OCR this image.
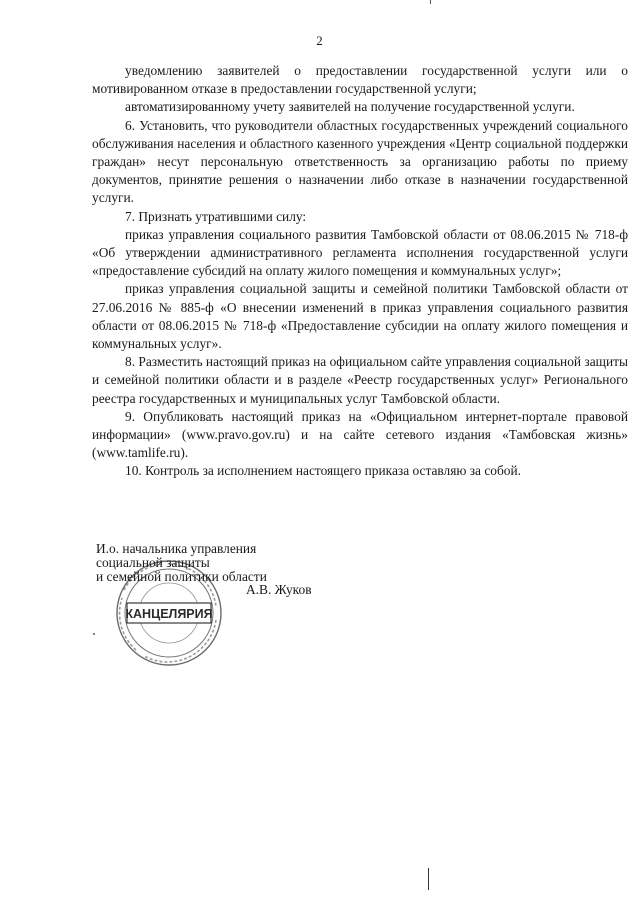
2

уведомлению заявителей о предоставлении государственной услуги или о мотивированном отказе в предоставлении государственной услуги;

автоматизированному учету заявителей на получение государственной услуги.

6. Установить, что руководители областных государственных учреждений социального обслуживания населения и областного казенного учреждения «Центр социальной поддержки граждан» несут персональную ответственность за организацию работы по приему документов, принятие решения о назначении либо отказе в назначении государственной услуги.

7. Признать утратившими силу:

приказ управления социального развития Тамбовской области от 08.06.2015 № 718-ф «Об утверждении административного регламента исполнения государственной услуги «предоставление субсидий на оплату жилого помещения и коммунальных услуг»;

приказ управления социальной защиты и семейной политики Тамбовской области от 27.06.2016 № 885-ф «О внесении изменений в приказ управления социального развития области от 08.06.2015 № 718-ф «Предоставление субсидии на оплату жилого помещения и коммунальных услуг».

8. Разместить настоящий приказ на официальном сайте управления социальной защиты и семейной политики области и в разделе «Реестр государственных услуг» Регионального реестра государственных и муниципальных услуг Тамбовской области.

9. Опубликовать настоящий приказ на «Официальном интернет-портале правовой информации» (www.pravo.gov.ru) и на сайте сетевого издания «Тамбовская жизнь» (www.tamlife.ru).

10. Контроль за исполнением настоящего приказа оставляю за собой.

КАНЦЕЛЯРИЯ
И.о. начальника управления
социальной защиты
и семейной политики области
А.В. Жуков
